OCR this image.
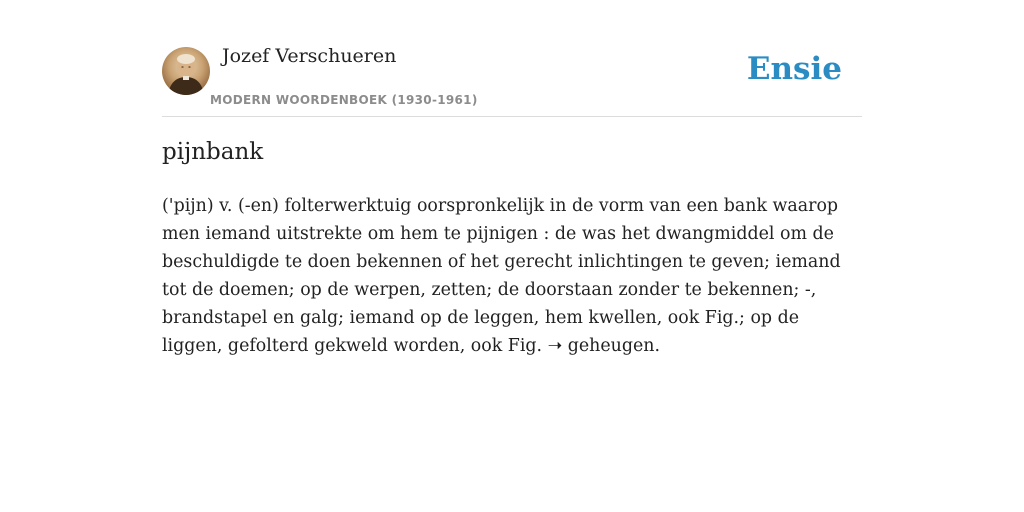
Jozef Verschueren
MODERN WOORDENBOEK (1930-1961)
Ensie
pijnbank

('pijn) v. (-en) folterwerktuig oorspronkelijk in de vorm van een bank waarop men iemand uitstrekte om hem te pijnigen : de was het dwangmiddel om de beschuldigde te doen bekennen of het gerecht inlichtingen te geven; iemand tot de doemen; op de werpen, zetten; de doorstaan zonder te bekennen; -, brandstapel en galg; iemand op de leggen, hem kwellen, ook Fig.; op de liggen, gefolterd gekweld worden, ook Fig. ➝ geheugen.
